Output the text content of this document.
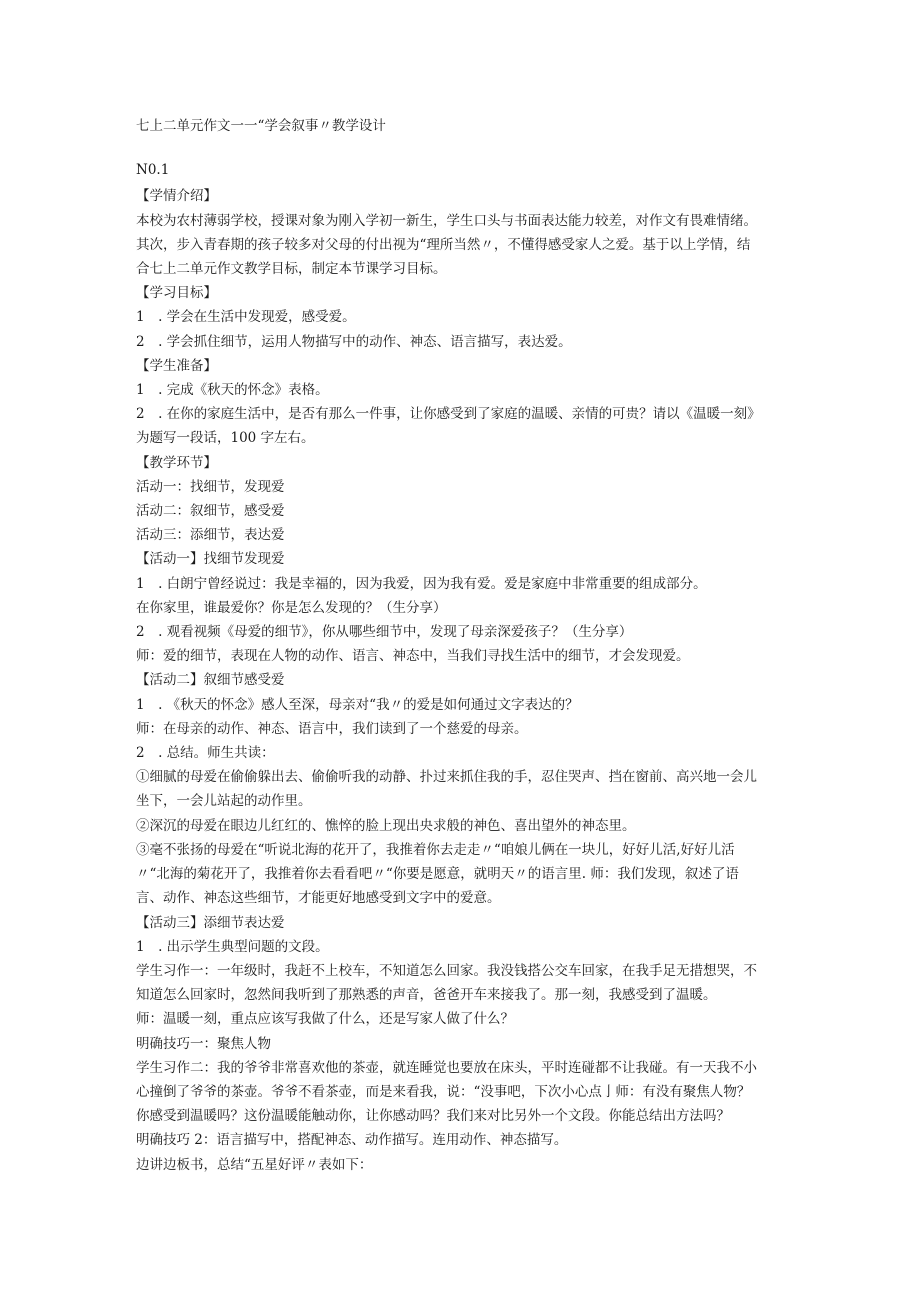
七上二单元作文一一“学会叙事〃教学设计

N0.1

【学情介绍】

本校为农村薄弱学校，授课对象为刚入学初一新生，学生口头与书面表达能力较差，对作文有畏难情绪。

其次，步入青春期的孩子较多对父母的付出视为“理所当然〃，不懂得感受家人之爱。基于以上学情，结

合七上二单元作文教学目标，制定本节课学习目标。

【学习目标】

1　. 学会在生活中发现爱，感受爱。

2　. 学会抓住细节，运用人物描写中的动作、神态、语言描写，表达爱。

【学生准备】

1　. 完成《秋天的怀念》表格。

2　. 在你的家庭生活中，是否有那么一件事，让你感受到了家庭的温暖、亲情的可贵？请以《温暖一刻》

为题写一段话，100 字左右。

【教学环节】

活动一：找细节，发现爱

活动二：叙细节，感受爱

活动三：添细节，表达爱

【活动一】找细节发现爱

1　. 白朗宁曾经说过：我是幸福的，因为我爱，因为我有爱。爱是家庭中非常重要的组成部分。

在你家里，谁最爱你？你是怎么发现的？（生分享）

2　. 观看视频《母爱的细节》，你从哪些细节中，发现了母亲深爱孩子？（生分享）

师：爱的细节，表现在人物的动作、语言、神态中，当我们寻找生活中的细节，才会发现爱。

【活动二】叙细节感受爱

1　. 《秋天的怀念》感人至深，母亲对“我〃的爱是如何通过文字表达的？

师：在母亲的动作、神态、语言中，我们读到了一个慈爱的母亲。

2　. 总结。师生共读：

①细腻的母爱在偷偷躲出去、偷偷听我的动静、扑过来抓住我的手，忍住哭声、挡在窗前、高兴地一会儿

坐下，一会儿站起的动作里。

②深沉的母爱在眼边儿红红的、憔悴的脸上现出央求般的神色、喜出望外的神态里。

③毫不张扬的母爱在“听说北海的花开了，我推着你去走走〃“咱娘儿俩在一块儿，好好儿活,好好儿活

〃“北海的菊花开了，我推着你去看看吧〃“你要是愿意，就明天〃的语言里. 师：我们发现，叙述了语

言、动作、神态这些细节，才能更好地感受到文字中的爱意。

【活动三】添细节表达爱

1　. 出示学生典型问题的文段。

学生习作一：一年级时，我赶不上校车，不知道怎么回家。我没钱搭公交车回家，在我手足无措想哭，不

知道怎么回家时，忽然间我听到了那熟悉的声音，爸爸开车来接我了。那一刻，我感受到了温暖。

师：温暖一刻，重点应该写我做了什么，还是写家人做了什么？

明确技巧一：聚焦人物

学生习作二：我的爷爷非常喜欢他的茶壶，就连睡觉也要放在床头，平时连碰都不让我碰。有一天我不小

心撞倒了爷爷的茶壶。爷爷不看茶壶，而是来看我，说：“没事吧，下次小心点亅师：有没有聚焦人物？

你感受到温暖吗？这份温暖能触动你，让你感动吗？我们来对比另外一个文段。你能总结出方法吗？

明确技巧 2：语言描写中，搭配神态、动作描写。连用动作、神态描写。

边讲边板书，总结“五星好评〃表如下：
